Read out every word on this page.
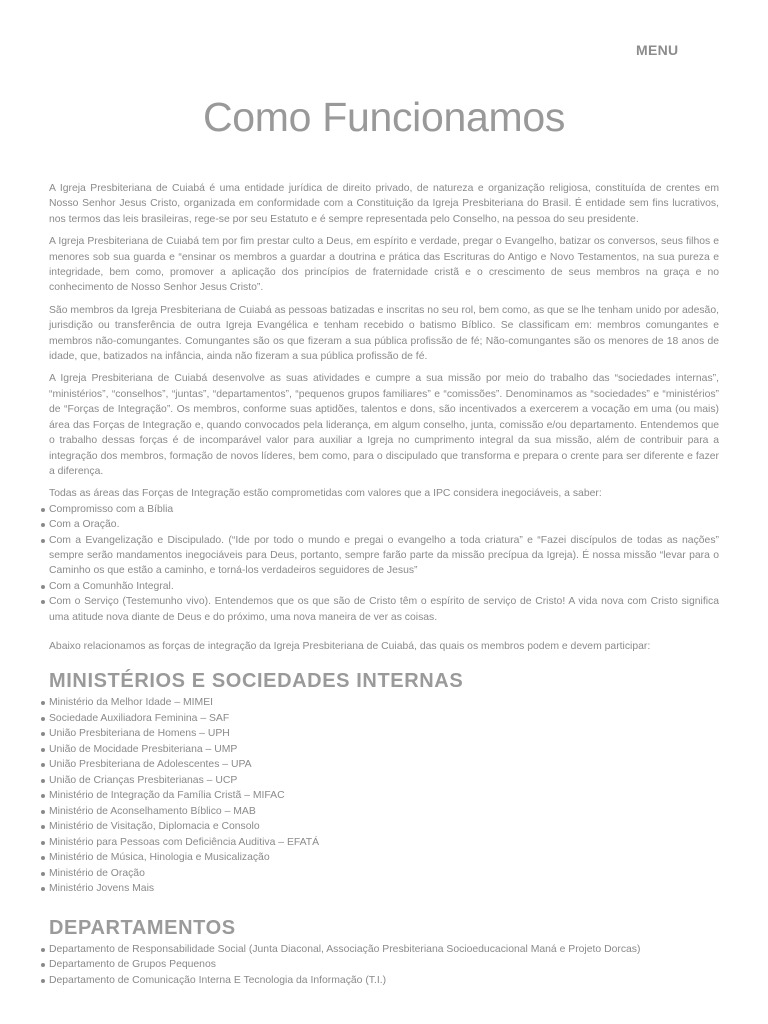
MENU
Como Funcionamos

A Igreja Presbiteriana de Cuiabá é uma entidade jurídica de direito privado, de natureza e organização religiosa, constituída de crentes em Nosso Senhor Jesus Cristo, organizada em conformidade com a Constituição da Igreja Presbiteriana do Brasil. É entidade sem fins lucrativos, nos termos das leis brasileiras, rege-se por seu Estatuto e é sempre representada pelo Conselho, na pessoa do seu presidente.

A Igreja Presbiteriana de Cuiabá tem por fim prestar culto a Deus, em espírito e verdade, pregar o Evangelho, batizar os conversos, seus filhos e menores sob sua guarda e “ensinar os membros a guardar a doutrina e prática das Escrituras do Antigo e Novo Testamentos, na sua pureza e integridade, bem como, promover a aplicação dos princípios de fraternidade cristã e o crescimento de seus membros na graça e no conhecimento de Nosso Senhor Jesus Cristo”.

São membros da Igreja Presbiteriana de Cuiabá as pessoas batizadas e inscritas no seu rol, bem como, as que se lhe tenham unido por adesão, jurisdição ou transferência de outra Igreja Evangélica e tenham recebido o batismo Bíblico. Se classificam em: membros comungantes e membros não-comungantes. Comungantes são os que fizeram a sua pública profissão de fé; Não-comungantes são os menores de 18 anos de idade, que, batizados na infância, ainda não fizeram a sua pública profissão de fé.

A Igreja Presbiteriana de Cuiabá desenvolve as suas atividades e cumpre a sua missão por meio do trabalho das “sociedades internas”, “ministérios”, “conselhos”, “juntas”, “departamentos”, “pequenos grupos familiares” e “comissões”. Denominamos as “sociedades” e “ministérios” de “Forças de Integração”. Os membros, conforme suas aptidões, talentos e dons, são incentivados a exercerem a vocação em uma (ou mais) área das Forças de Integração e, quando convocados pela liderança, em algum conselho, junta, comissão e/ou departamento. Entendemos que o trabalho dessas forças é de incomparável valor para auxiliar a Igreja no cumprimento integral da sua missão, além de contribuir para a integração dos membros, formação de novos líderes, bem como, para o discipulado que transforma e prepara o crente para ser diferente e fazer a diferença.

Todas as áreas das Forças de Integração estão comprometidas com valores que a IPC considera inegociáveis, a saber:

Compromisso com a Bíblia
Com a Oração.
Com a Evangelização e Discipulado. (“Ide por todo o mundo e pregai o evangelho a toda criatura” e “Fazei discípulos de todas as nações” sempre serão mandamentos inegociáveis para Deus, portanto, sempre farão parte da missão precípua da Igreja). É nossa missão “levar para o Caminho os que estão a caminho, e torná-los verdadeiros seguidores de Jesus”
Com a Comunhão Integral.
Com o Serviço (Testemunho vivo). Entendemos que os que são de Cristo têm o espírito de serviço de Cristo! A vida nova com Cristo significa uma atitude nova diante de Deus e do próximo, uma nova maneira de ver as coisas.

Abaixo relacionamos as forças de integração da Igreja Presbiteriana de Cuiabá, das quais os membros podem e devem participar:

MINISTÉRIOS E SOCIEDADES INTERNAS
Ministério da Melhor Idade – MIMEI
Sociedade Auxiliadora Feminina – SAF
União Presbiteriana de Homens – UPH
União de Mocidade Presbiteriana – UMP
União Presbiteriana de Adolescentes – UPA
União de Crianças Presbiterianas – UCP
Ministério de Integração da Família Cristã – MIFAC
Ministério de Aconselhamento Bíblico – MAB
Ministério de Visitação, Diplomacia e Consolo
Ministério para Pessoas com Deficiência Auditiva – EFATÁ
Ministério de Música, Hinologia e Musicalização
Ministério de Oração
Ministério Jovens Mais
DEPARTAMENTOS
Departamento de Responsabilidade Social (Junta Diaconal, Associação Presbiteriana Socioeducacional Maná e Projeto Dorcas)
Departamento de Grupos Pequenos
Departamento de Comunicação Interna E Tecnologia da Informação (T.I.)
